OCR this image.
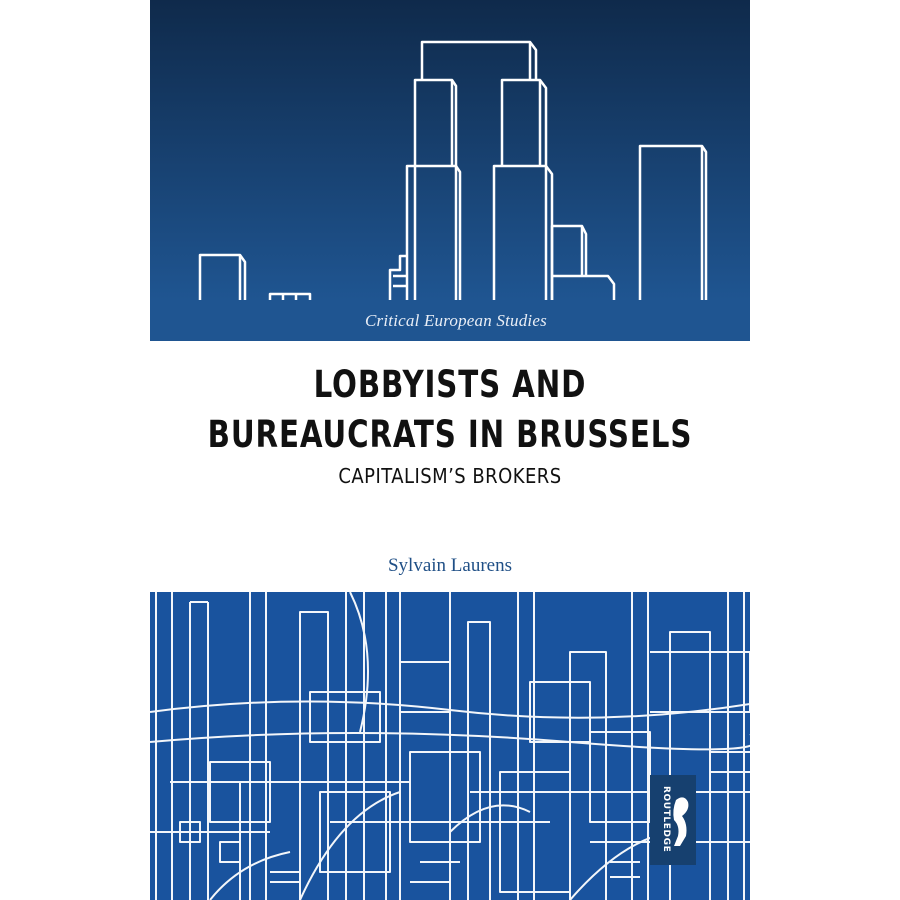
Critical European Studies
LOBBYISTS AND
BUREAUCRATS IN BRUSSELS
CAPITALISM’S BROKERS
Sylvain Laurens
ROUTLEDGE
